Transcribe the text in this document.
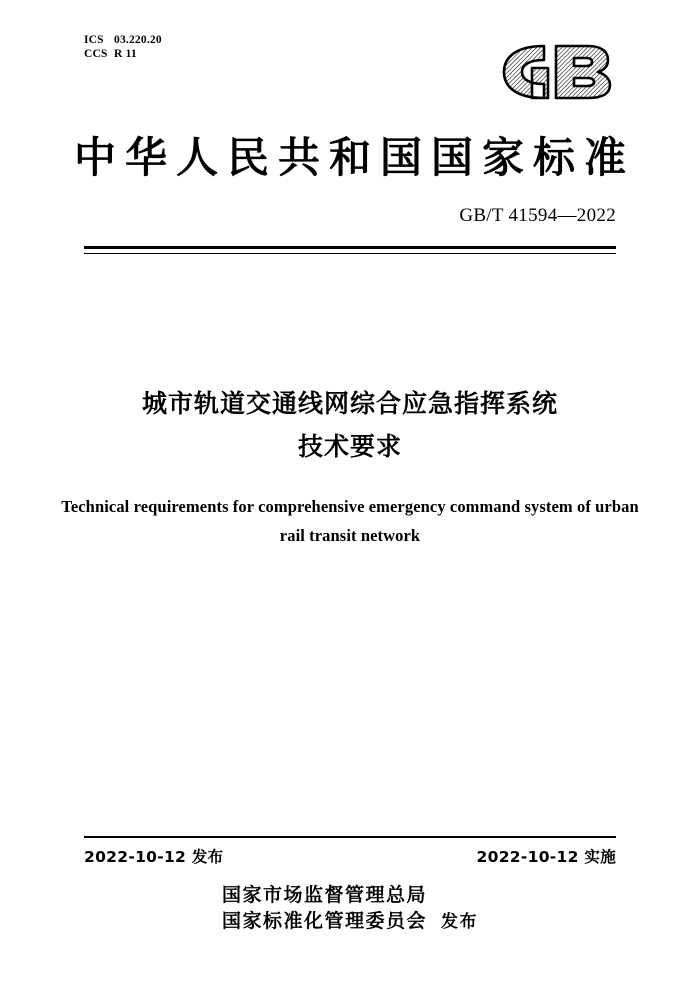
ICS 03.220.20
CCS R 11
中华人民共和国国家标准
GB/T 41594—2022
城市轨道交通线网综合应急指挥系统
技术要求
Technical requirements for comprehensive emergency command system of urban
rail transit network
2022-10-12 发布	2022-10-12 实施
国家市场监督管理总局
国家标准化管理委员会 发布
